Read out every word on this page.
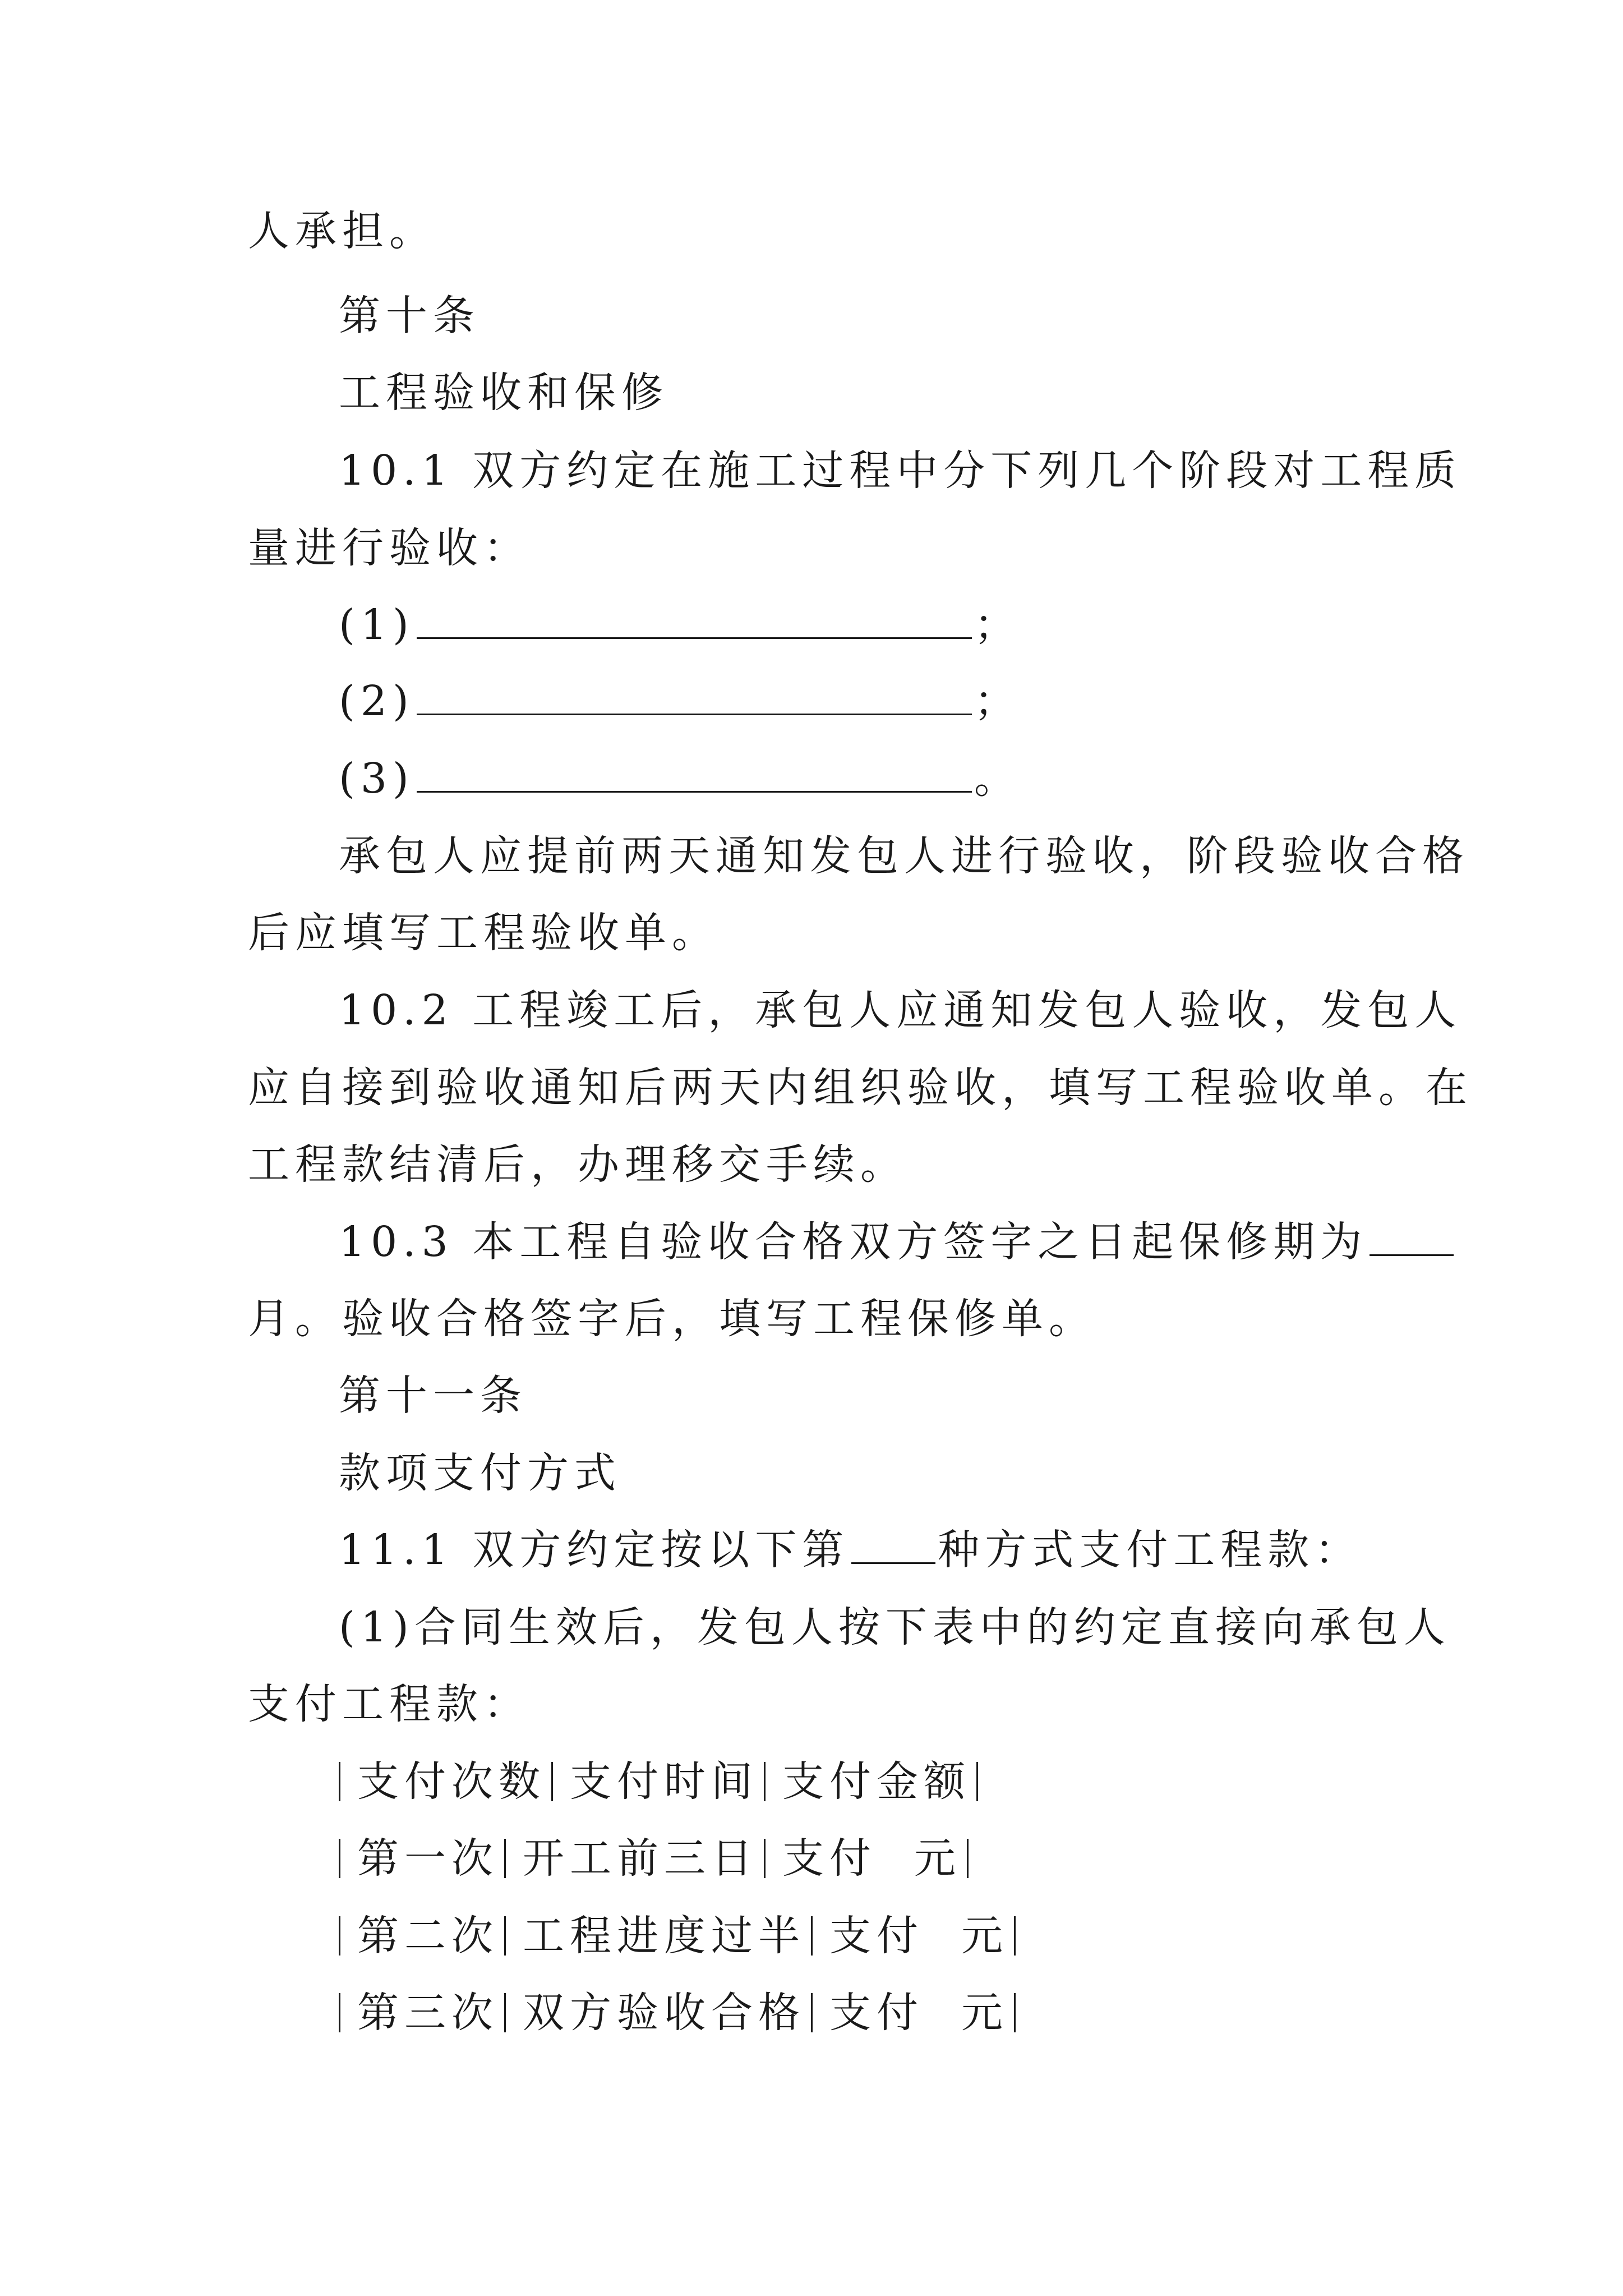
人承担。
第十条
工程验收和保修
10.1 双方约定在施工过程中分下列几个阶段对工程质
量进行验收：
(1)	；
(2)	；
(3)	。
承包人应提前两天通知发包人进行验收，阶段验收合格
后应填写工程验收单。
10.2 工程竣工后，承包人应通知发包人验收，发包人
应自接到验收通知后两天内组织验收，填写工程验收单。在
工程款结清后，办理移交手续。
10.3 本工程自验收合格双方签字之日起保修期为
月。验收合格签字后，填写工程保修单。
第十一条
款项支付方式
11.1 双方约定按以下第 种方式支付工程款：
(1)合同生效后，发包人按下表中的约定直接向承包人
支付工程款：
支付次数 支付时间 支付金额
第一次 开工前三日 支付  元
第二次 工程进度过半 支付  元
第三次 双方验收合格 支付  元
